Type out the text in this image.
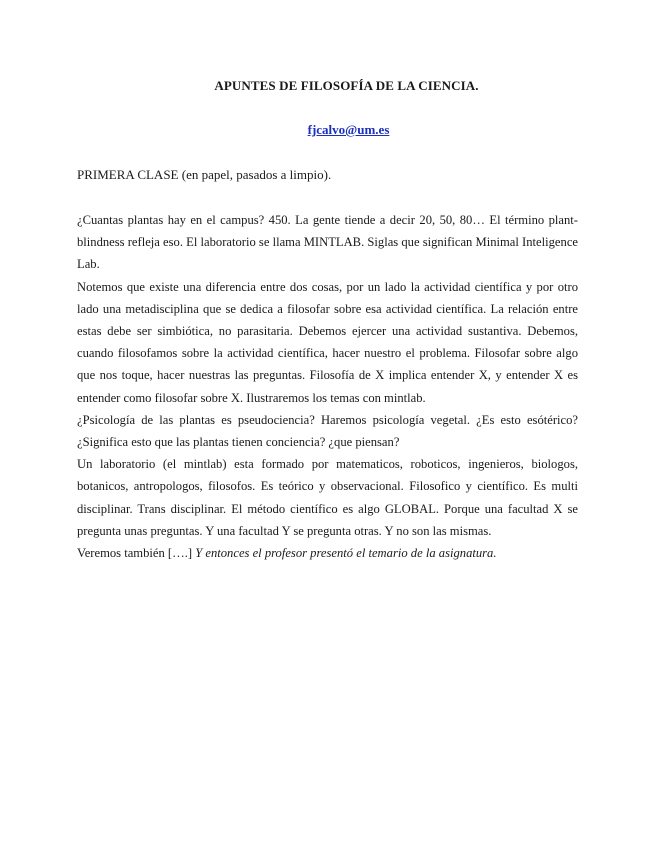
APUNTES DE FILOSOFÍA DE LA CIENCIA.
fjcalvo@um.es
PRIMERA CLASE (en papel, pasados a limpio).

¿Cuantas plantas hay en el campus? 450. La gente tiende a decir 20, 50, 80… El término plant-blindness refleja eso. El laboratorio se llama MINTLAB. Siglas que significan Minimal Inteligence Lab.

Notemos que existe una diferencia entre dos cosas, por un lado la actividad científica y por otro lado una metadisciplina que se dedica a filosofar sobre esa actividad científica. La relación entre estas debe ser simbiótica, no parasitaria. Debemos ejercer una actividad sustantiva. Debemos, cuando filosofamos sobre la actividad científica, hacer nuestro el problema. Filosofar sobre algo que nos toque, hacer nuestras las preguntas. Filosofía de X implica entender X, y entender X es entender como filosofar sobre X. Ilustraremos los temas con mintlab.

¿Psicología de las plantas es pseudociencia? Haremos psicología vegetal. ¿Es esto esótérico? ¿Significa esto que las plantas tienen conciencia? ¿que piensan?

Un laboratorio (el mintlab) esta formado por matematicos, roboticos, ingenieros, biologos, botanicos, antropologos, filosofos. Es teórico y observacional. Filosofico y científico. Es multi disciplinar. Trans disciplinar. El método científico es algo GLOBAL. Porque una facultad X se pregunta unas preguntas. Y una facultad Y se pregunta otras. Y no son las mismas.

Veremos también [….] Y entonces el profesor presentó el temario de la asignatura.
